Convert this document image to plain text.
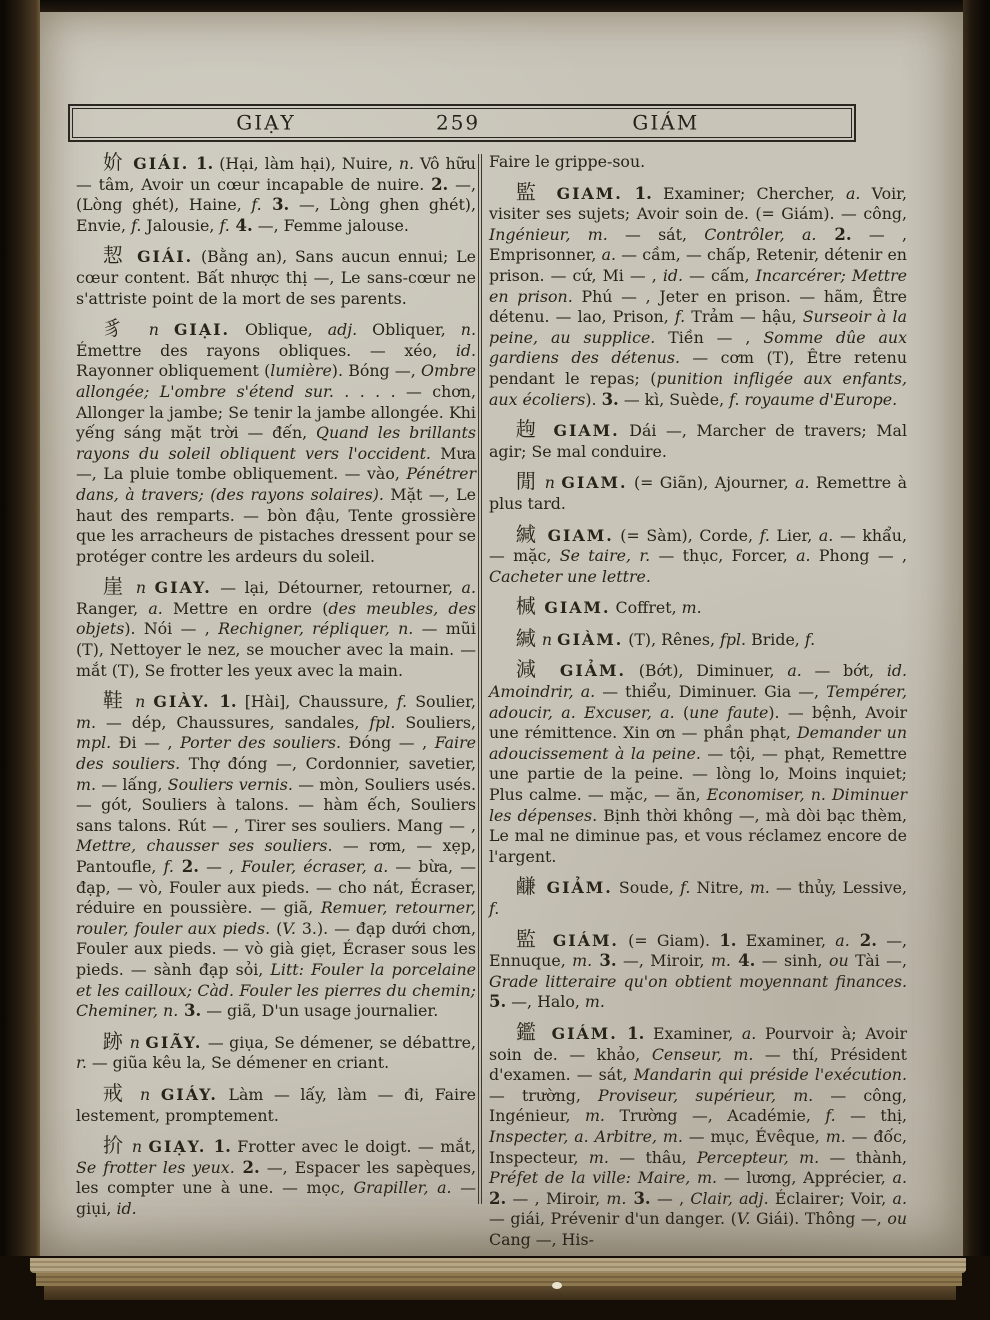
GIẠY	259	GIÁM

妎 GIÁI. 1. (Hại, làm hại), Nuire, n. Vô hữu — tâm, Avoir un cœur incapable de nuire. 2. —, (Lòng ghét), Haine, f. 3. —, Lòng ghen ghét), Envie, f. Jalousie, f. 4. —, Femme jalouse.

恝 GIÁI. (Bằng an), Sans aucun ennui; Le cœur content. Bất nhược thị —, Le sans-cœur ne s'attriste point de la mort de ses parents.

豸 n GIẠI. Oblique, adj. Obliquer, n. Émettre des rayons obliques. — xéo, id. Rayonner obliquement (lumière). Bóng —, Ombre allongée; L'ombre s'étend sur. . . . . — chơn, Allonger la jambe; Se tenir la jambe allongée. Khi yếng sáng mặt trời — đến, Quand les brillants rayons du soleil obliquent vers l'occident. Mưa —, La pluie tombe obliquement. — vào, Pénétrer dans, à travers; (des rayons solaires). Mặt —, Le haut des remparts. — bòn đậu, Tente grossière que les arracheurs de pistaches dressent pour se protéger contre les ardeurs du soleil.

崖 n GIAY. — lại, Détourner, retourner, a. Ranger, a. Mettre en ordre (des meubles, des objets). Nói — , Rechigner, répliquer, n. — mũi (T), Nettoyer le nez, se moucher avec la main. — mắt (T), Se frotter les yeux avec la main.

鞋 n GIÀY. 1. [Hài], Chaussure, f. Soulier, m. — dép, Chaussures, sandales, fpl. Souliers, mpl. Đi — , Porter des souliers. Đóng — , Faire des souliers. Thợ đóng —, Cordonnier, savetier, m. — lấng, Souliers vernis. — mòn, Souliers usés. — gót, Souliers à talons. — hàm ếch, Souliers sans talons. Rút — , Tirer ses souliers. Mang — , Mettre, chausser ses souliers. — rơm, — xẹp, Pantoufle, f. 2. — , Fouler, écraser, a. — bừa, — đạp, — vò, Fouler aux pieds. — cho nát, Écraser, réduire en poussière. — giã, Remuer, retourner, rouler, fouler aux pieds. (V. 3.). — đạp dưới chơn, Fouler aux pieds. — vò già giẹt, Écraser sous les pieds. — sành đạp sỏi, Litt: Fouler la porcelaine et les cailloux; Càd. Fouler les pierres du chemin; Cheminer, n. 3. — giã, D'un usage journalier.

跡 n GIÃY. — giụa, Se démener, se débattre, r. — giũa kêu la, Se démener en criant.

戒 n GIÁY. Làm — lấy, làm — đi, Faire lestement, promptement.

扴 n GIẠY. 1. Frotter avec le doigt. — mắt, Se frotter les yeux. 2. —, Espacer les sapèques, les compter une à une. — mọc, Grapiller, a. — giụi, id.

Faire le grippe-sou.

監 GIAM. 1. Examiner; Chercher, a. Voir, visiter ses sujets; Avoir soin de. (= Giám). — công, Ingénieur, m. — sát, Contrôler, a. 2. — , Emprisonner, a. — cầm, — chấp, Retenir, détenir en prison. — cứ, Mi — , id. — cấm, Incarcérer; Mettre en prison. Phú — , Jeter en prison. — hãm, Être détenu. — lao, Prison, f. Trảm — hậu, Surseoir à la peine, au supplice. Tiền — , Somme dûe aux gardiens des détenus. — cơm (T), Être retenu pendant le repas; (punition infligée aux enfants, aux écoliers). 3. — kì, Suède, f. royaume d'Europe.

䞤 GIAM. Dái —, Marcher de travers; Mal agir; Se mal conduire.

閒 n GIAM. (= Giãn), Ajourner, a. Remettre à plus tard.

緘 GIAM. (= Sàm), Corde, f. Lier, a. — khẩu, — mặc, Se taire, r. — thục, Forcer, a. Phong — , Cacheter une lettre.

椷 GIAM. Coffret, m.

緘 n GIÀM. (T), Rênes, fpl. Bride, f.

減 GIẢM. (Bớt), Diminuer, a. — bớt, id. Amoindrir, a. — thiểu, Diminuer. Gia —, Tempérer, adoucir, a. Excuser, a. (une faute). — bệnh, Avoir une rémittence. Xin ơn — phần phạt, Demander un adoucissement à la peine. — tội, — phạt, Remettre une partie de la peine. — lòng lo, Moins inquiet; Plus calme. — mặc, — ăn, Economiser, n. Diminuer les dépenses. Bịnh thời không —, mà dòi bạc thèm, Le mal ne diminue pas, et vous réclamez encore de l'argent.

鹻 GIẢM. Soude, f. Nitre, m. — thủy, Lessive, f.

監 GIÁM. (= Giam). 1. Examiner, a. 2. —, Ennuque, m. 3. —, Miroir, m. 4. — sinh, ou Tài —, Grade litteraire qu'on obtient moyennant finances. 5. —, Halo, m.

鑑 GIÁM. 1. Examiner, a. Pourvoir à; Avoir soin de. — khảo, Censeur, m. — thí, Président d'examen. — sát, Mandarin qui préside l'exécution. — trường, Proviseur, supérieur, m. — công, Ingénieur, m. Trường —, Académie, f. — thị, Inspecter, a. Arbitre, m. — mục, Évêque, m. — đốc, Inspecteur, m. — thâu, Percepteur, m. — thành, Préfet de la ville: Maire, m. — lương, Apprécier, a. 2. — , Miroir, m. 3. — , Clair, adj. Éclairer; Voir, a. — giái, Prévenir d'un danger. (V. Giái). Thông —, ou Cang —, His-
